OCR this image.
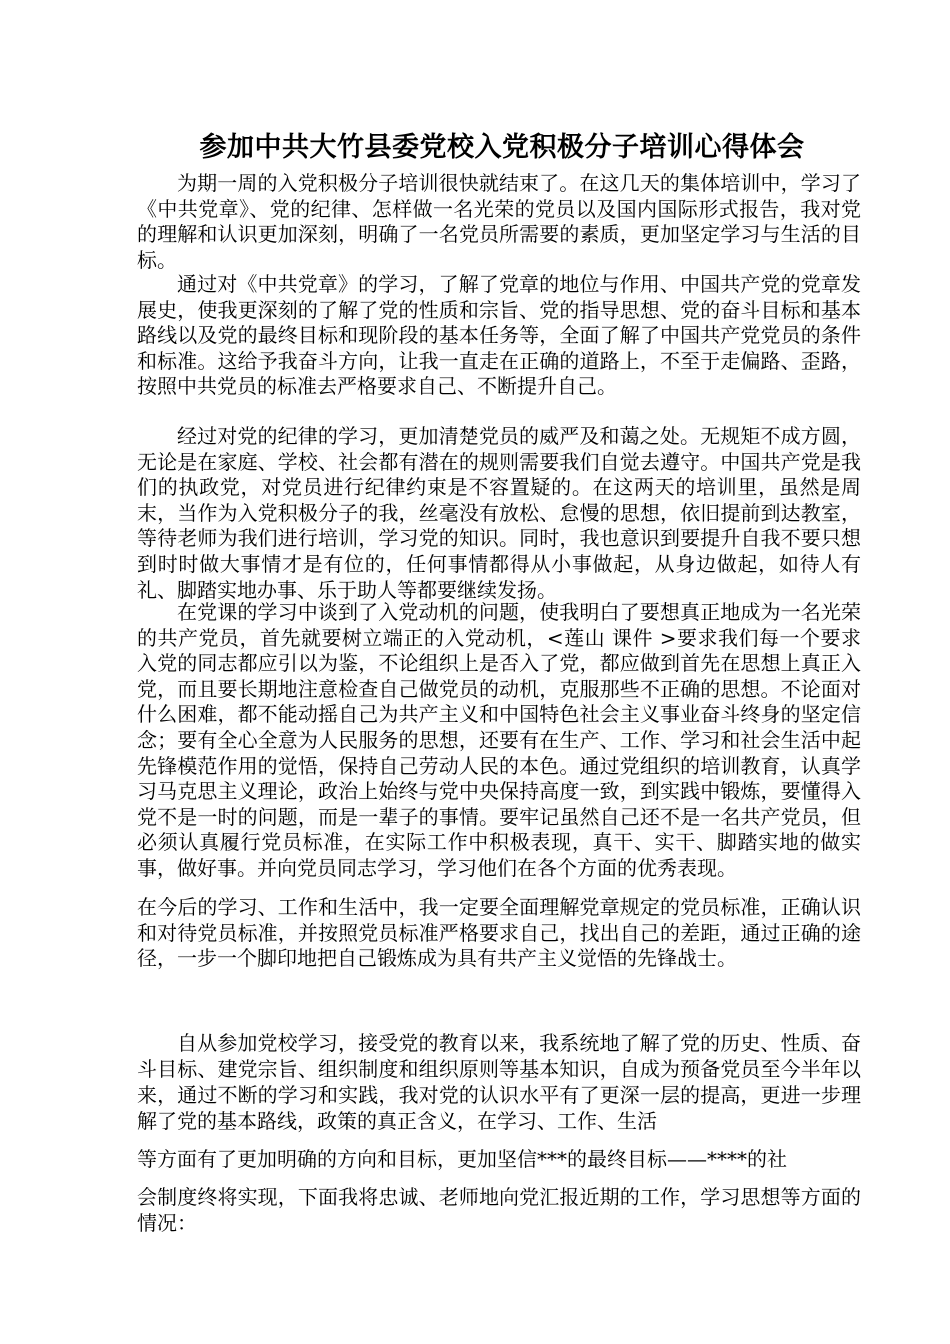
参加中共大竹县委党校入党积极分子培训心得体会

为期一周的入党积极分子培训很快就结束了。在这几天的集体培训中，学习了《中共党章》、党的纪律、怎样做一名光荣的党员以及国内国际形式报告，我对党的理解和认识更加深刻，明确了一名党员所需要的素质，更加坚定学习与生活的目标。

通过对《中共党章》的学习，了解了党章的地位与作用、中国共产党的党章发展史，使我更深刻的了解了党的性质和宗旨、党的指导思想、党的奋斗目标和基本路线以及党的最终目标和现阶段的基本任务等，全面了解了中国共产党党员的条件和标准。这给予我奋斗方向，让我一直走在正确的道路上，不至于走偏路、歪路，按照中共党员的标准去严格要求自己、不断提升自己。

经过对党的纪律的学习，更加清楚党员的威严及和蔼之处。无规矩不成方圆，无论是在家庭、学校、社会都有潜在的规则需要我们自觉去遵守。中国共产党是我们的执政党，对党员进行纪律约束是不容置疑的。在这两天的培训里，虽然是周末，当作为入党积极分子的我，丝毫没有放松、怠慢的思想，依旧提前到达教室，等待老师为我们进行培训，学习党的知识。同时，我也意识到要提升自我不要只想到时时做大事情才是有位的，任何事情都得从小事做起，从身边做起，如待人有礼、脚踏实地办事、乐于助人等都要继续发扬。

在党课的学习中谈到了入党动机的问题，使我明白了要想真正地成为一名光荣的共产党员，首先就要树立端正的入党动机，<莲山 课件 >要求我们每一个要求入党的同志都应引以为鉴，不论组织上是否入了党，都应做到首先在思想上真正入党，而且要长期地注意检查自己做党员的动机，克服那些不正确的思想。不论面对什么困难，都不能动摇自己为共产主义和中国特色社会主义事业奋斗终身的坚定信念；要有全心全意为人民服务的思想，还要有在生产、工作、学习和社会生活中起先锋模范作用的觉悟，保持自己劳动人民的本色。通过党组织的培训教育，认真学习马克思主义理论，政治上始终与党中央保持高度一致，到实践中锻炼，要懂得入党不是一时的问题，而是一辈子的事情。要牢记虽然自己还不是一名共产党员，但必须认真履行党员标准，在实际工作中积极表现，真干、实干、脚踏实地的做实事，做好事。并向党员同志学习，学习他们在各个方面的优秀表现。

在今后的学习、工作和生活中，我一定要全面理解党章规定的党员标准，正确认识和对待党员标准，并按照党员标准严格要求自己，找出自己的差距，通过正确的途径，一步一个脚印地把自己锻炼成为具有共产主义觉悟的先锋战士。

自从参加党校学习，接受党的教育以来，我系统地了解了党的历史、性质、奋斗目标、建党宗旨、组织制度和组织原则等基本知识，自成为预备党员至今半年以来，通过不断的学习和实践，我对党的认识水平有了更深一层的提高，更进一步理解了党的基本路线，政策的真正含义，在学习、工作、生活
等方面有了更加明确的方向和目标，更加坚信***的最终目标——****的社
会制度终将实现，下面我将忠诚、老师地向党汇报近期的工作，学习思想等方面的情况：
